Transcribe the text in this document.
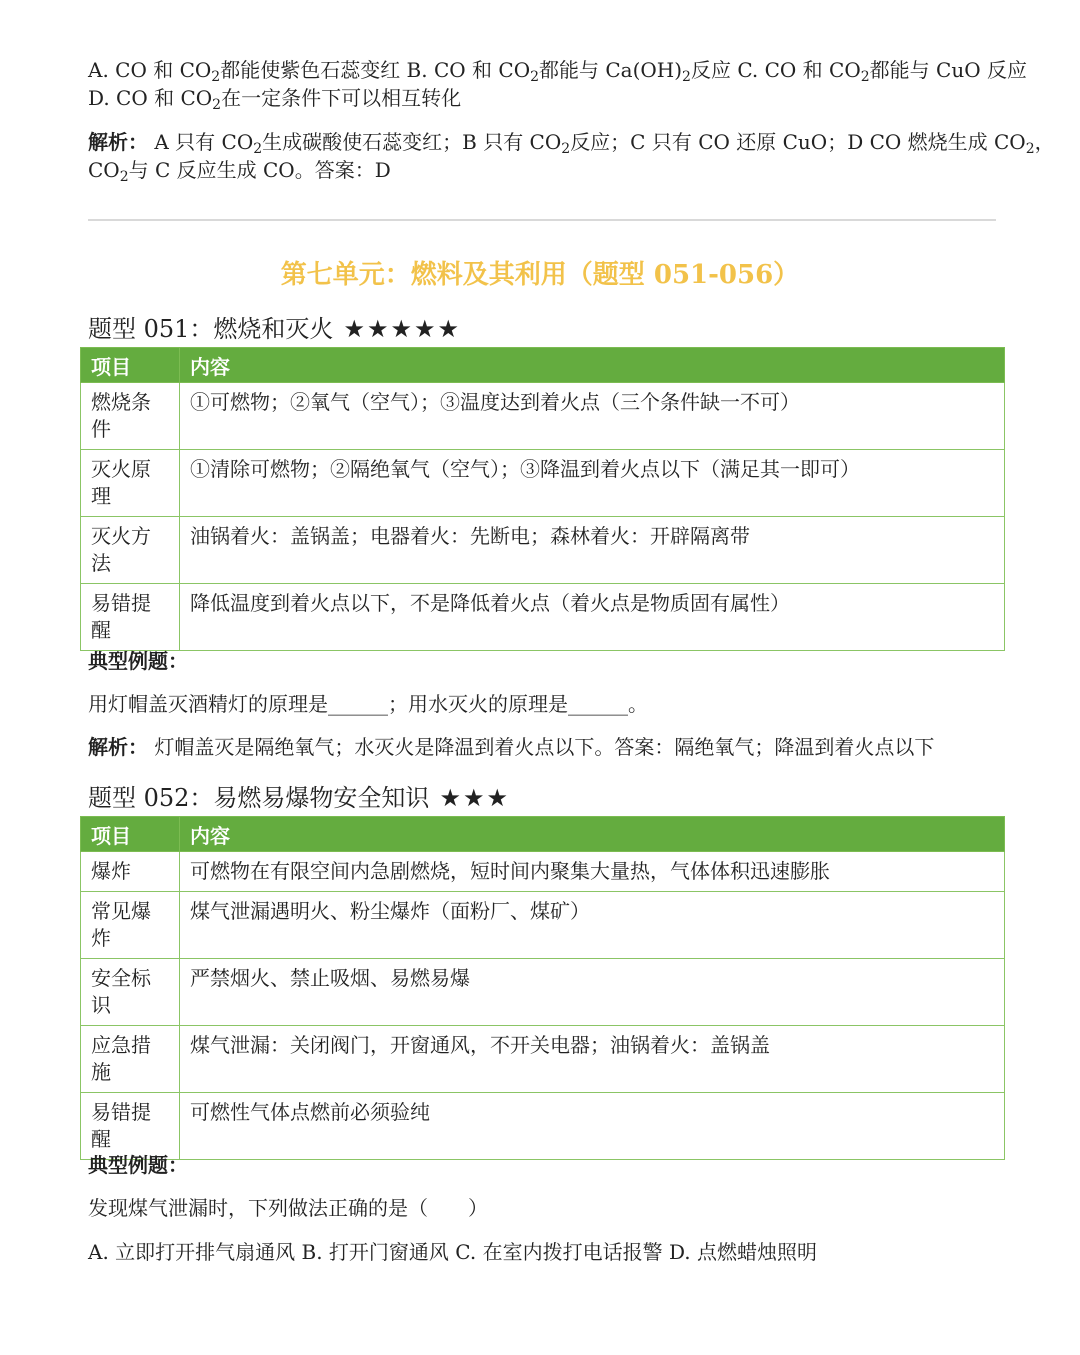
A. CO 和 $CO_2$都能使紫色石蕊变红 B. CO 和 $CO_2$都能与 $Ca(OH)_2$反应 C. CO 和 $CO_2$都能与 CuO 反应
D. CO 和 $CO_2$在一定条件下可以相互转化
解析： A 只有 $CO_2$生成碳酸使石蕊变红；B 只有 $CO_2$反应；C 只有 CO 还原 CuO；D CO 燃烧生成 $CO_2$，
$CO_2$与 C 反应生成 CO。答案：D
第七单元：燃料及其利用（题型 051-056）
题型 051：燃烧和灭火 ★★★★★
项目	内容
燃烧条件	①可燃物；②氧气（空气）；③温度达到着火点（三个条件缺一不可）
灭火原理	①清除可燃物；②隔绝氧气（空气）；③降温到着火点以下（满足其一即可）
灭火方法	油锅着火：盖锅盖；电器着火：先断电；森林着火：开辟隔离带
易错提醒	降低温度到着火点以下，不是降低着火点（着火点是物质固有属性）
典型例题：
用灯帽盖灭酒精灯的原理是______；用水灭火的原理是______。
解析： 灯帽盖灭是隔绝氧气；水灭火是降温到着火点以下。答案：隔绝氧气；降温到着火点以下
题型 052：易燃易爆物安全知识 ★★★
项目	内容
爆炸	可燃物在有限空间内急剧燃烧，短时间内聚集大量热，气体体积迅速膨胀
常见爆炸	煤气泄漏遇明火、粉尘爆炸（面粉厂、煤矿）
安全标识	严禁烟火、禁止吸烟、易燃易爆
应急措施	煤气泄漏：关闭阀门，开窗通风，不开关电器；油锅着火：盖锅盖
易错提醒	可燃性气体点燃前必须验纯
典型例题：
发现煤气泄漏时，下列做法正确的是（　　）
A. 立即打开排气扇通风 B. 打开门窗通风 C. 在室内拨打电话报警 D. 点燃蜡烛照明
